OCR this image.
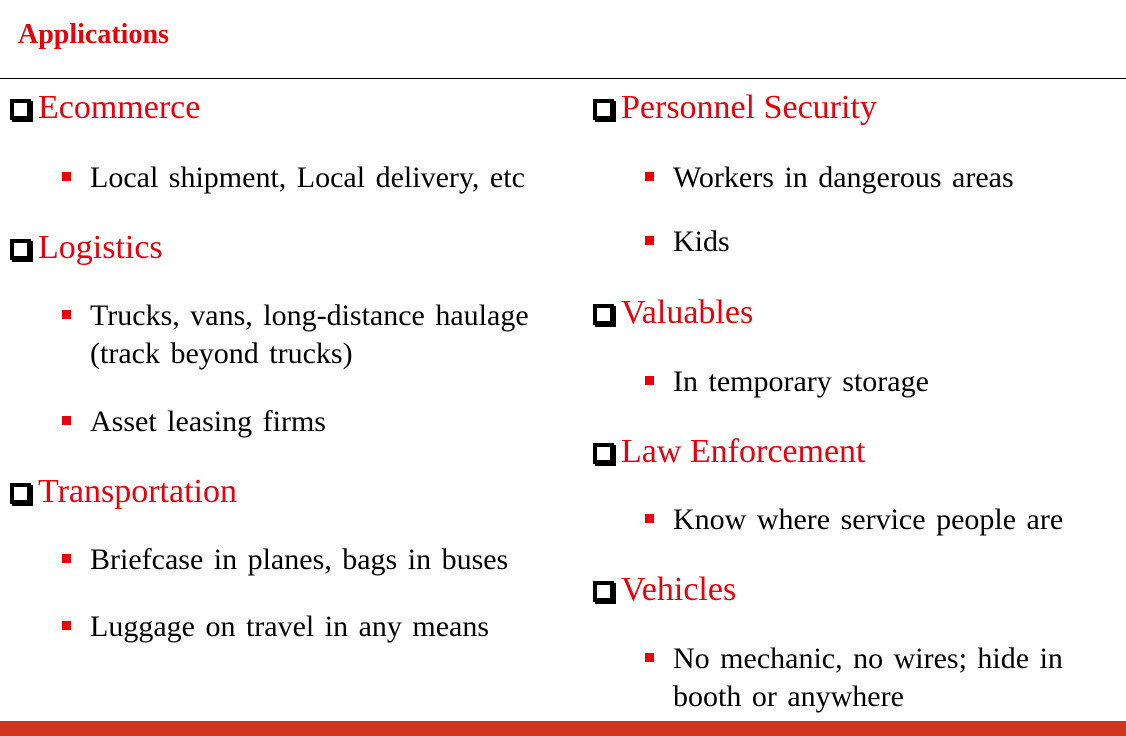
Applications
Ecommerce
Local shipment, Local delivery, etc
Logistics
Trucks, vans, long-distance haulage (track beyond trucks)
Asset leasing firms
Transportation
Briefcase in planes, bags in buses
Luggage on travel in any means
Personnel Security
Workers in dangerous areas
Kids
Valuables
In temporary storage
Law Enforcement
Know where service people are
Vehicles
No mechanic, no wires; hide in booth or anywhere
